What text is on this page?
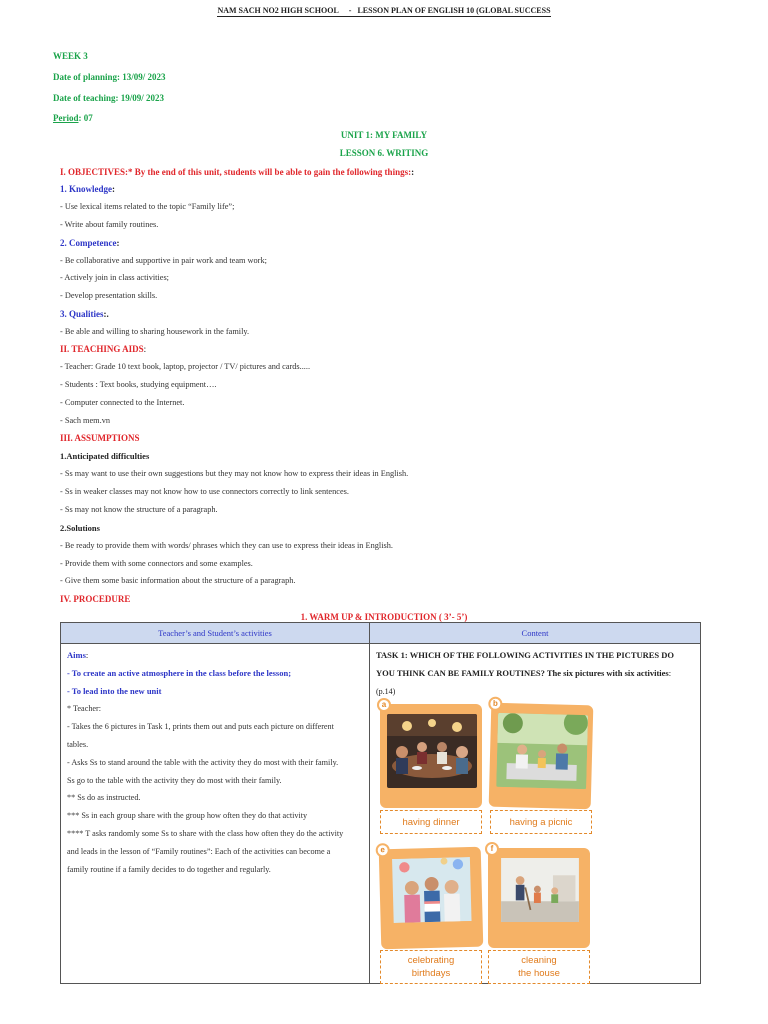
NAM SACH NO2 HIGH SCHOOL - LESSON PLAN OF ENGLISH 10 (GLOBAL SUCCESS
WEEK 3
Date of planning: 13/09/ 2023
Date of teaching: 19/09/ 2023
Period: 07
UNIT 1: MY FAMILY
LESSON 6. WRITING
I. OBJECTIVES:* By the end of this unit, students will be able to gain the following things::
1. Knowledge:
- Use lexical items related to the topic “Family life”;
- Write about family routines.
2. Competence:
- Be collaborative and supportive in pair work and team work;
- Actively join in class activities;
- Develop presentation skills.
3. Qualities:.
- Be able and willing to sharing housework in the family.
II. TEACHING AIDS:
- Teacher: Grade 10 text book, laptop, projector / TV/ pictures and cards.....
- Students : Text books, studying equipment….
- Computer connected to the Internet.
- Sach mem.vn
III. ASSUMPTIONS
1.Anticipated difficulties
- Ss may want to use their own suggestions but they may not know how to express their ideas in English.
- Ss in weaker classes may not know how to use connectors correctly to link sentences.
- Ss may not know the structure of a paragraph.
2.Solutions
- Be ready to provide them with words/ phrases which they can use to express their ideas in English.
- Provide them with some connectors and some examples.
- Give them some basic information about the structure of a paragraph.
IV. PROCEDURE
1. WARM UP & INTRODUCTION ( 3’- 5’)
Teacher’s and Student’s activities	Content
Aims:
- To create an active atmosphere in the class before the lesson;
- To lead into the new unit
* Teacher:
- Takes the 6 pictures in Task 1, prints them out and puts each picture on different
tables.
- Asks Ss to stand around the table with the activity they do most with their family.
Ss go to the table with the activity they do most with their family.
** Ss do as instructed.
*** Ss in each group share with the group how often they do that activity
**** T asks randomly some Ss to share with the class how often they do the activity
and leads in the lesson of “Family routines”: Each of the activities can become a
family routine if a family decides to do together and regularly.
TASK 1: WHICH OF THE FOLLOWING ACTIVITIES IN THE PICTURES DO
YOU THINK CAN BE FAMILY ROUTINES? The six pictures with six activities:
(p.14)
a
having dinner
b
having a picnic
e
celebrating
birthdays
f
cleaning
the house
